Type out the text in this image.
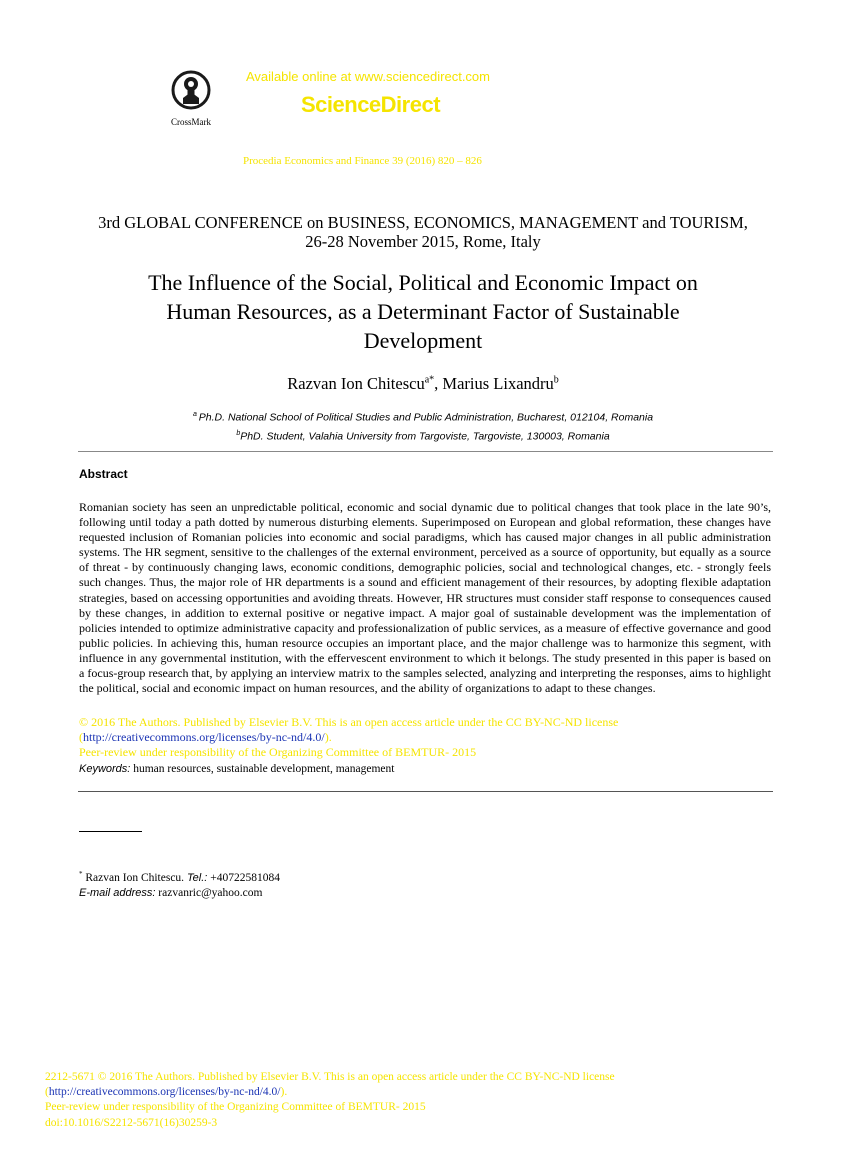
CrossMark
Available online at www.sciencedirect.com
ScienceDirect
Procedia Economics and Finance 39 (2016) 820 – 826
3rd GLOBAL CONFERENCE on BUSINESS, ECONOMICS, MANAGEMENT and TOURISM,
26-28 November 2015, Rome, Italy
The Influence of the Social, Political and Economic Impact on
Human Resources, as a Determinant Factor of Sustainable
Development
Razvan Ion Chitescu$^{a*}$, Marius Lixandru$^b$
$^a$ Ph.D. National School of Political Studies and Public Administration, Bucharest, 012104, Romania
$^b$PhD. Student, Valahia University from Targoviste, Targoviste, 130003, Romania
Abstract
Romanian society has seen an unpredictable political, economic and social dynamic due to political changes that took place in the late 90’s, following until today a path dotted by numerous disturbing elements. Superimposed on European and global reformation, these changes have requested inclusion of Romanian policies into economic and social paradigms, which has caused major changes in all public administration systems. The HR segment, sensitive to the challenges of the external environment, perceived as a source of opportunity, but equally as a source of threat - by continuously changing laws, economic conditions, demographic policies, social and technological changes, etc. - strongly feels such changes. Thus, the major role of HR departments is a sound and efficient management of their resources, by adopting flexible adaptation strategies, based on accessing opportunities and avoiding threats. However, HR structures must consider staff response to consequences caused by these changes, in addition to external positive or negative impact. A major goal of sustainable development was the implementation of policies intended to optimize administrative capacity and professionalization of public services, as a measure of effective governance and good public policies. In achieving this, human resource occupies an important place, and the major challenge was to harmonize this segment, with influence in any governmental institution, with the effervescent environment to which it belongs. The study presented in this paper is based on a focus-group research that, by applying an interview matrix to the samples selected, analyzing and interpreting the responses, aims to highlight the political, social and economic impact on human resources, and the ability of organizations to adapt to these changes.
© 2016 The Authors. Published by Elsevier B.V. This is an open access article under the CC BY-NC-ND license
(http://creativecommons.org/licenses/by-nc-nd/4.0/).
Peer-review under responsibility of the Organizing Committee of BEMTUR- 2015
Keywords: human resources, sustainable development, management
* Razvan Ion Chitescu. Tel.: +40722581084
E-mail address: razvanric@yahoo.com
2212-5671 © 2016 The Authors. Published by Elsevier B.V. This is an open access article under the CC BY-NC-ND license
(http://creativecommons.org/licenses/by-nc-nd/4.0/).
Peer-review under responsibility of the Organizing Committee of BEMTUR- 2015
doi:10.1016/S2212-5671(16)30259-3
